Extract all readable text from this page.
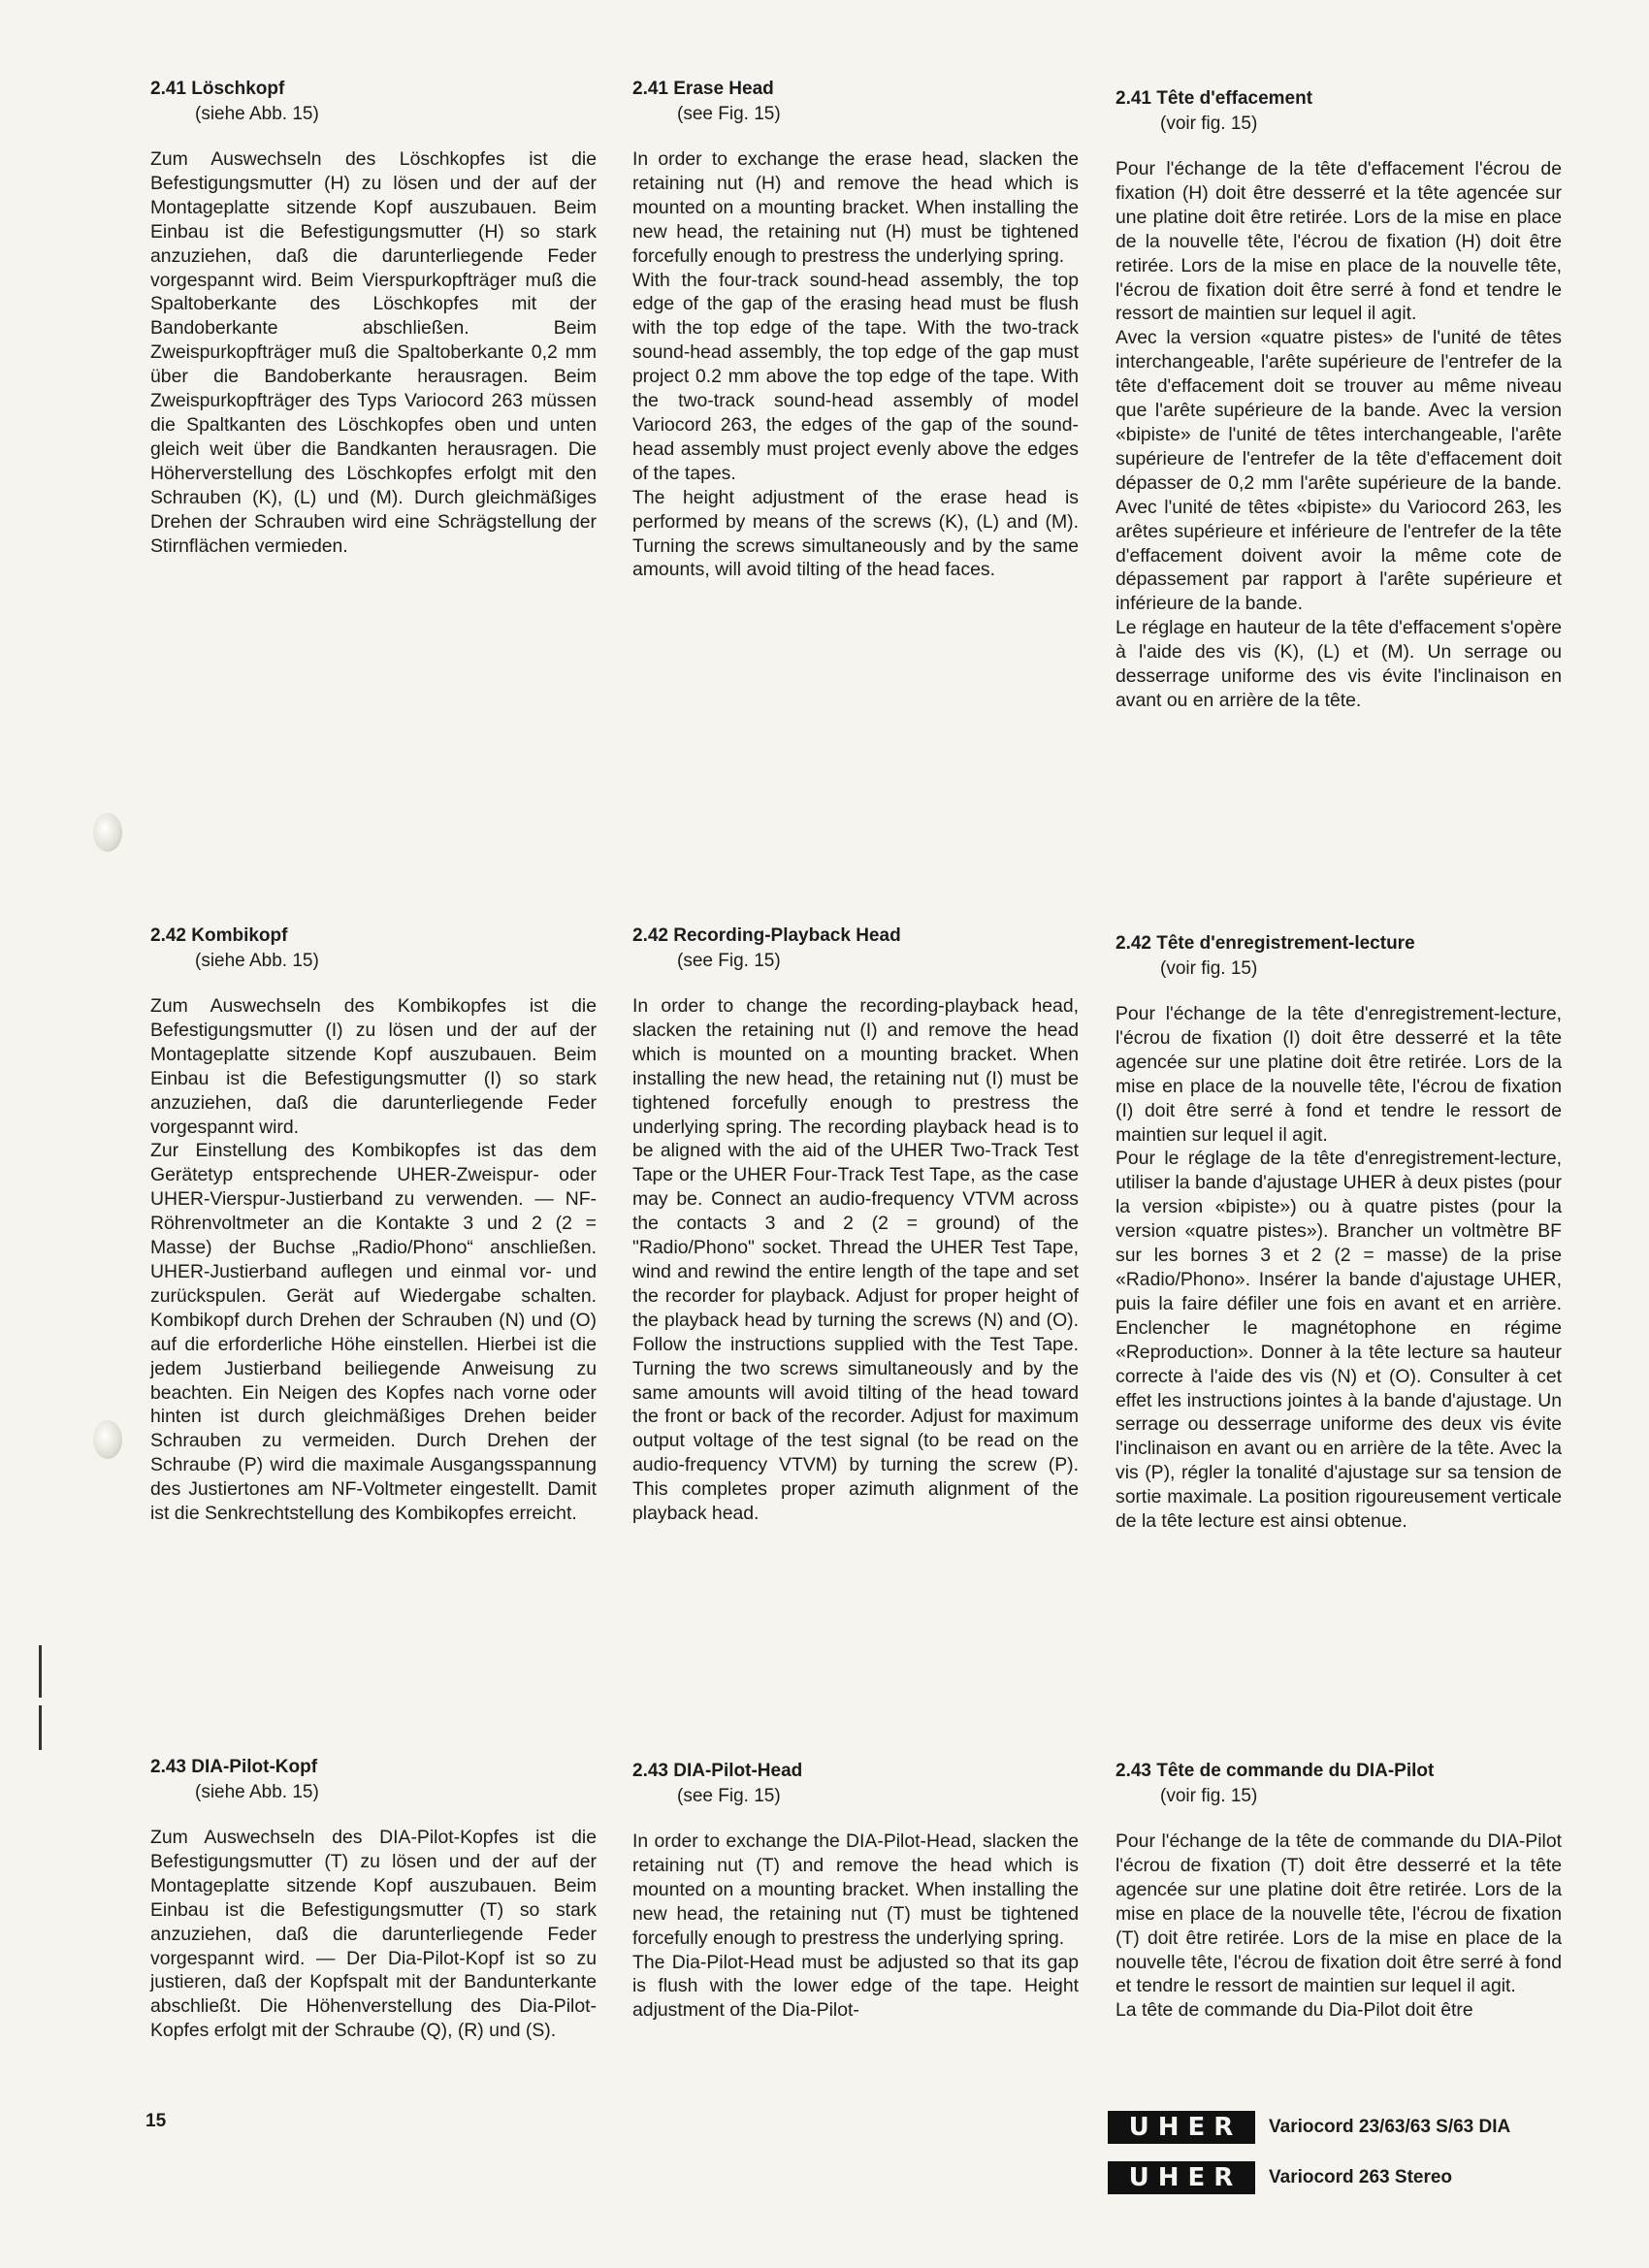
2.41 Löschkopf

(siehe Abb. 15)

Zum Auswechseln des Löschkopfes ist die Befestigungsmutter (H) zu lösen und der auf der Montageplatte sitzende Kopf auszubauen. Beim Einbau ist die Befestigungsmutter (H) so stark anzuziehen, daß die darunterliegende Feder vorgespannt wird. Beim Vierspurkopfträger muß die Spaltoberkante des Löschkopfes mit der Bandoberkante abschließen. Beim Zweispurkopfträger muß die Spaltoberkante 0,2 mm über die Bandoberkante herausragen. Beim Zweispurkopfträger des Typs Variocord 263 müssen die Spaltkanten des Löschkopfes oben und unten gleich weit über die Bandkanten herausragen. Die Höherverstellung des Löschkopfes erfolgt mit den Schrauben (K), (L) und (M). Durch gleichmäßiges Drehen der Schrauben wird eine Schrägstellung der Stirnflächen vermieden.

2.41 Erase Head

(see Fig. 15)

In order to exchange the erase head, slacken the retaining nut (H) and remove the head which is mounted on a mounting bracket. When installing the new head, the retaining nut (H) must be tightened forcefully enough to prestress the underlying spring.
With the four-track sound-head assembly, the top edge of the gap of the erasing head must be flush with the top edge of the tape. With the two-track sound-head assembly, the top edge of the gap must project 0.2 mm above the top edge of the tape. With the two-track sound-head assembly of model Variocord 263, the edges of the gap of the sound-head assembly must project evenly above the edges of the tapes.
The height adjustment of the erase head is performed by means of the screws (K), (L) and (M). Turning the screws simultaneously and by the same amounts, will avoid tilting of the head faces.

2.41 Tête d'effacement

(voir fig. 15)

Pour l'échange de la tête d'effacement l'écrou de fixation (H) doit être desserré et la tête agencée sur une platine doit être retirée. Lors de la mise en place de la nouvelle tête, l'écrou de fixation (H) doit être retirée. Lors de la mise en place de la nouvelle tête, l'écrou de fixation doit être serré à fond et tendre le ressort de maintien sur lequel il agit.
Avec la version «quatre pistes» de l'unité de têtes interchangeable, l'arête supérieure de l'entrefer de la tête d'effacement doit se trouver au même niveau que l'arête supérieure de la bande. Avec la version «bipiste» de l'unité de têtes interchangeable, l'arête supérieure de l'entrefer de la tête d'effacement doit dépasser de 0,2 mm l'arête supérieure de la bande. Avec l'unité de têtes «bipiste» du Variocord 263, les arêtes supérieure et inférieure de l'entrefer de la tête d'effacement doivent avoir la même cote de dépassement par rapport à l'arête supérieure et inférieure de la bande.
Le réglage en hauteur de la tête d'effacement s'opère à l'aide des vis (K), (L) et (M). Un serrage ou desserrage uniforme des vis évite l'inclinaison en avant ou en arrière de la tête.

2.42 Kombikopf

(siehe Abb. 15)

Zum Auswechseln des Kombikopfes ist die Befestigungsmutter (I) zu lösen und der auf der Montageplatte sitzende Kopf auszubauen. Beim Einbau ist die Befestigungsmutter (I) so stark anzuziehen, daß die darunterliegende Feder vorgespannt wird.
Zur Einstellung des Kombikopfes ist das dem Gerätetyp entsprechende UHER-Zweispur- oder UHER-Vierspur-Justierband zu verwenden. — NF-Röhrenvoltmeter an die Kontakte 3 und 2 (2 = Masse) der Buchse „Radio/Phono“ anschließen. UHER-Justierband auflegen und einmal vor- und zurückspulen. Gerät auf Wiedergabe schalten. Kombikopf durch Drehen der Schrauben (N) und (O) auf die erforderliche Höhe einstellen. Hierbei ist die jedem Justierband beiliegende Anweisung zu beachten. Ein Neigen des Kopfes nach vorne oder hinten ist durch gleichmäßiges Drehen beider Schrauben zu vermeiden. Durch Drehen der Schraube (P) wird die maximale Ausgangsspannung des Justiertones am NF-Voltmeter eingestellt. Damit ist die Senkrechtstellung des Kombikopfes erreicht.

2.42 Recording-Playback Head

(see Fig. 15)

In order to change the recording-playback head, slacken the retaining nut (I) and remove the head which is mounted on a mounting bracket. When installing the new head, the retaining nut (I) must be tightened forcefully enough to prestress the underlying spring. The recording playback head is to be aligned with the aid of the UHER Two-Track Test Tape or the UHER Four-Track Test Tape, as the case may be. Connect an audio-frequency VTVM across the contacts 3 and 2 (2 = ground) of the "Radio/Phono" socket. Thread the UHER Test Tape, wind and rewind the entire length of the tape and set the recorder for playback. Adjust for proper height of the playback head by turning the screws (N) and (O). Follow the instructions supplied with the Test Tape. Turning the two screws simultaneously and by the same amounts will avoid tilting of the head toward the front or back of the recorder. Adjust for maximum output voltage of the test signal (to be read on the audio-frequency VTVM) by turning the screw (P). This completes proper azimuth alignment of the playback head.

2.42 Tête d'enregistrement-lecture

(voir fig. 15)

Pour l'échange de la tête d'enregistrement-lecture, l'écrou de fixation (I) doit être desserré et la tête agencée sur une platine doit être retirée. Lors de la mise en place de la nouvelle tête, l'écrou de fixation (I) doit être serré à fond et tendre le ressort de maintien sur lequel il agit.
Pour le réglage de la tête d'enregistrement-lecture, utiliser la bande d'ajustage UHER à deux pistes (pour la version «bipiste») ou à quatre pistes (pour la version «quatre pistes»). Brancher un voltmètre BF sur les bornes 3 et 2 (2 = masse) de la prise «Radio/Phono». Insérer la bande d'ajustage UHER, puis la faire défiler une fois en avant et en arrière. Enclencher le magnétophone en régime «Reproduction». Donner à la tête lecture sa hauteur correcte à l'aide des vis (N) et (O). Consulter à cet effet les instructions jointes à la bande d'ajustage. Un serrage ou desserrage uniforme des deux vis évite l'inclinaison en avant ou en arrière de la tête. Avec la vis (P), régler la tonalité d'ajustage sur sa tension de sortie maximale. La position rigoureusement verticale de la tête lecture est ainsi obtenue.

2.43 DIA-Pilot-Kopf

(siehe Abb. 15)

Zum Auswechseln des DIA-Pilot-Kopfes ist die Befestigungsmutter (T) zu lösen und der auf der Montageplatte sitzende Kopf auszubauen. Beim Einbau ist die Befestigungsmutter (T) so stark anzuziehen, daß die darunterliegende Feder vorgespannt wird. — Der Dia-Pilot-Kopf ist so zu justieren, daß der Kopfspalt mit der Bandunterkante abschließt. Die Höhenverstellung des Dia-Pilot-Kopfes erfolgt mit der Schraube (Q), (R) und (S).

2.43 DIA-Pilot-Head

(see Fig. 15)

In order to exchange the DIA-Pilot-Head, slacken the retaining nut (T) and remove the head which is mounted on a mounting bracket. When installing the new head, the retaining nut (T) must be tightened forcefully enough to prestress the underlying spring.
The Dia-Pilot-Head must be adjusted so that its gap is flush with the lower edge of the tape. Height adjustment of the Dia-Pilot-

2.43 Tête de commande du DIA-Pilot

(voir fig. 15)

Pour l'échange de la tête de commande du DIA-Pilot l'écrou de fixation (T) doit être desserré et la tête agencée sur une platine doit être retirée. Lors de la mise en place de la nouvelle tête, l'écrou de fixation (T) doit être retirée. Lors de la mise en place de la nouvelle tête, l'écrou de fixation doit être serré à fond et tendre le ressort de maintien sur lequel il agit.
La tête de commande du Dia-Pilot doit être

15	UHER	Variocord 23/63/63 S/63 DIA
UHER	Variocord 263 Stereo
